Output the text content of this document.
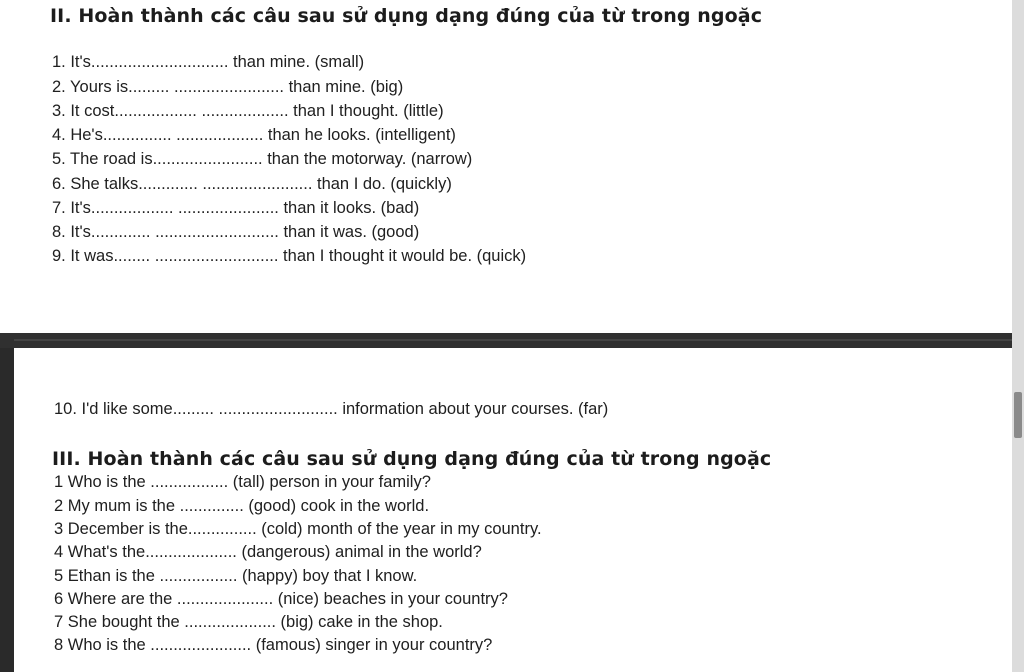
II. Hoàn thành các câu sau sử dụng dạng đúng của từ trong ngoặc
1. It's.............................. than mine. (small)
2. Yours is......... ........................ than mine. (big)
3. It cost.................. ................... than I thought. (little)
4. He's............... ................... than he looks. (intelligent)
5. The road is........................ than the motorway. (narrow)
6. She talks............. ........................ than I do. (quickly)
7. It's.................. ...................... than it looks. (bad)
8. It's............. ........................... than it was. (good)
9. It was........ ........................... than I thought it would be. (quick)
10. I'd like some......... .......................... information about your courses. (far)
III. Hoàn thành các câu sau sử dụng dạng đúng của từ trong ngoặc
1 Who is the ................. (tall) person in your family?
2 My mum is the .............. (good) cook in the world.
3 December is the............... (cold) month of the year in my country.
4 What's the.................... (dangerous) animal in the world?
5 Ethan is the ................. (happy) boy that I know.
6 Where are the ..................... (nice) beaches in your country?
7 She bought the .................... (big) cake in the shop.
8 Who is the ...................... (famous) singer in your country?
